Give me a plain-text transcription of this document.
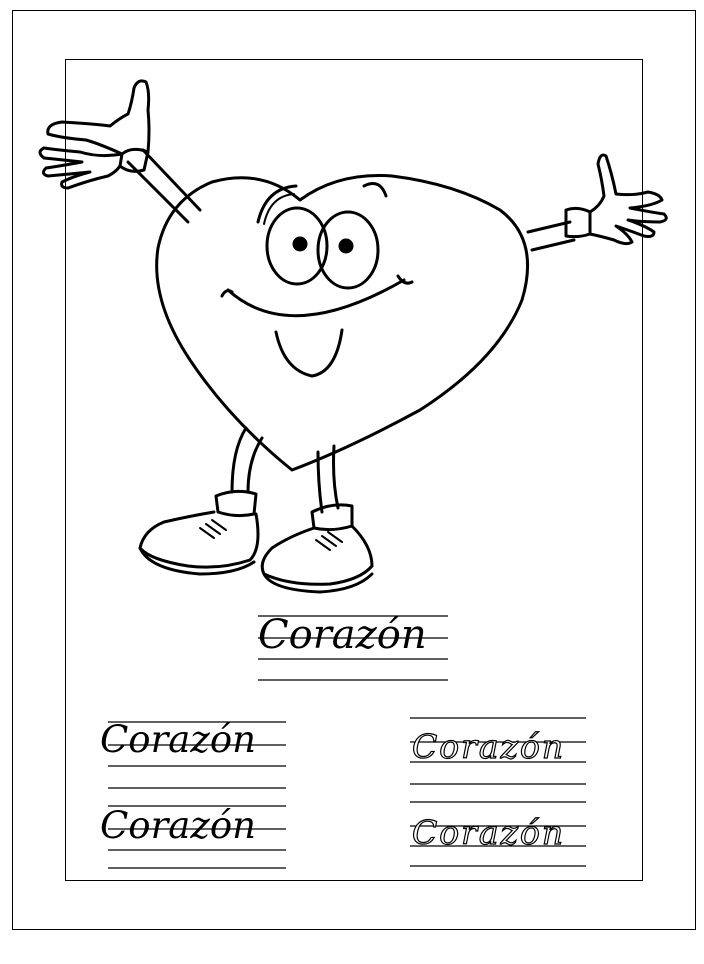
Corazón
Corazón
Corazón
Corazón
Corazón
